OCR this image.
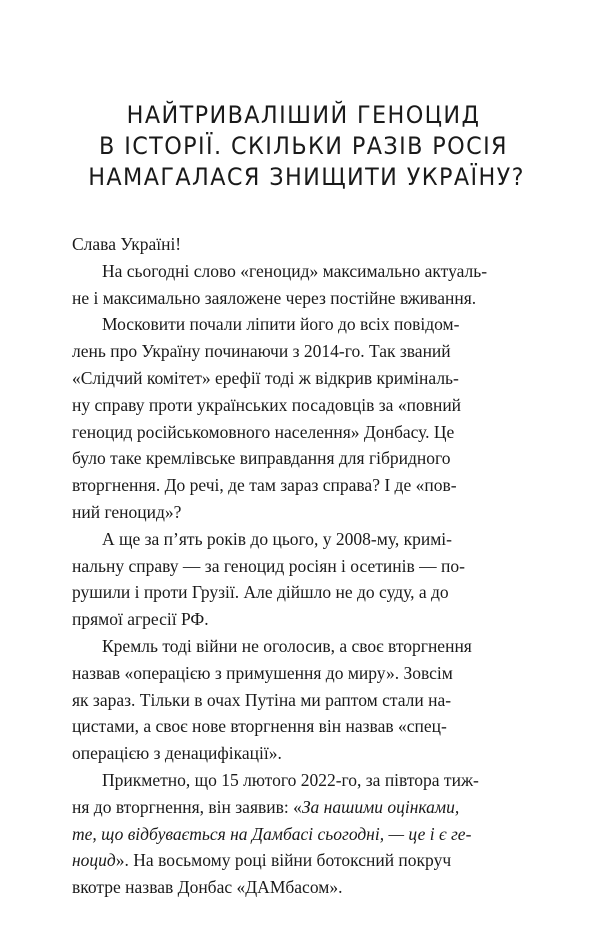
НАЙТРИВАЛІШИЙ ГЕНОЦИД
В ІСТОРІЇ. СКІЛЬКИ РАЗІВ РОСІЯ
НАМАГАЛАСЯ ЗНИЩИТИ УКРАЇНУ?

Слава Україні!

На сьогодні слово «геноцид» максимально актуаль-
не і максимально заяложене через постійне вживання.

Московити почали ліпити його до всіх повідом-
лень про Україну починаючи з 2014-го. Так званий
«Слідчий комітет» ерефії тоді ж відкрив криміналь-
ну справу проти українських посадовців за «повний
геноцид російськомовного населення» Донбасу. Це
було таке кремлівське виправдання для гібридного
вторгнення. До речі, де там зараз справа? І де «пов-
ний геноцид»?

А ще за п’ять років до цього, у 2008-му, кримі-
нальну справу — за геноцид росіян і осетинів — по-
рушили і проти Грузії. Але дійшло не до суду, а до
прямої агресії РФ.

Кремль тоді війни не оголосив, а своє вторгнення
назвав «операцією з примушення до миру». Зовсім
як зараз. Тільки в очах Путіна ми раптом стали на-
цистами, а своє нове вторгнення він назвав «спец-
операцією з денацифікації».

Прикметно, що 15 лютого 2022-го, за півтора тиж-
ня до вторгнення, він заявив: «За нашими оцінками,
те, що відбувається на Дамбасі сьогодні, — це і є ге-
ноцид». На восьмому році війни ботоксний покруч
вкотре назвав Донбас «ДАМбасом».
